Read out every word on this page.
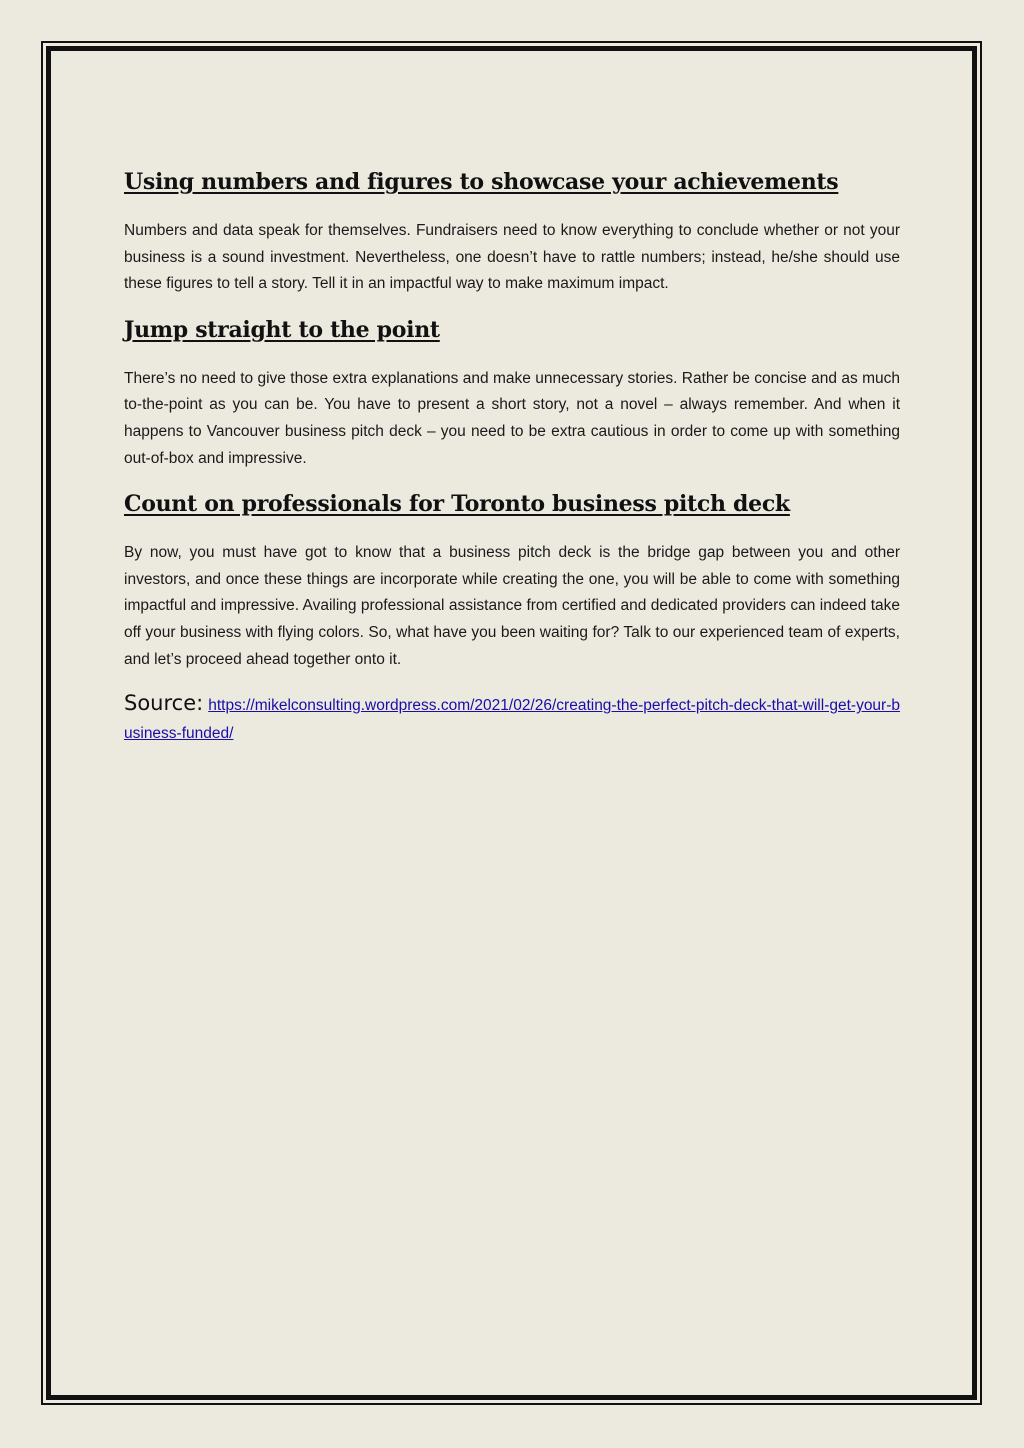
Using numbers and figures to showcase your achievements

Numbers and data speak for themselves. Fundraisers need to know everything to conclude whether or not your business is a sound investment. Nevertheless, one doesn’t have to rattle numbers; instead, he/she should use these figures to tell a story. Tell it in an impactful way to make maximum impact.

Jump straight to the point

There’s no need to give those extra explanations and make unnecessary stories. Rather be concise and as much to-the-point as you can be. You have to present a short story, not a novel – always remember. And when it happens to Vancouver business pitch deck – you need to be extra cautious in order to come up with something out-of-box and impressive.

Count on professionals for Toronto business pitch deck

By now, you must have got to know that a business pitch deck is the bridge gap between you and other investors, and once these things are incorporate while creating the one, you will be able to come with something impactful and impressive. Availing professional assistance from certified and dedicated providers can indeed take off your business with flying colors. So, what have you been waiting for? Talk to our experienced team of experts, and let’s proceed ahead together onto it.

Source: https://mikelconsulting.wordpress.com/2021/02/26/creating-the-perfect-pitch-deck-that-will-get-your-business-funded/
